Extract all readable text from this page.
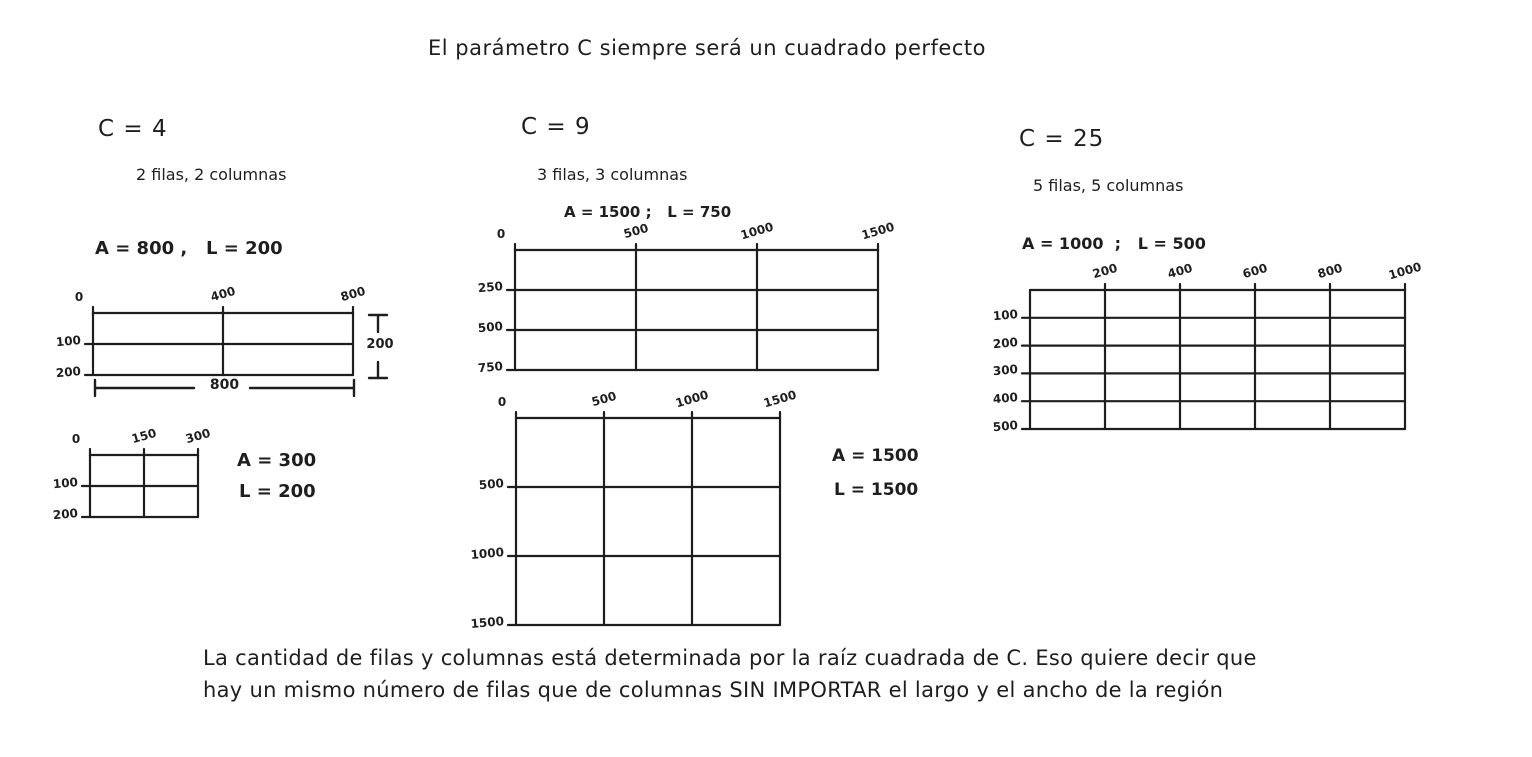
El parámetro C siempre será un cuadrado perfecto
C = 4
2 filas, 2 columnas
A = 800 ,   L = 200
0	400	800
100
200
200
800
0	150	300
100
200
A = 300
L = 200
C = 9
3 filas, 3 columnas
A = 1500 ;   L = 750
0	500	1000	1500
250
500
750
0	500	1000	1500
500
1000
1500
A = 1500
L = 1500
C = 25
5 filas, 5 columnas
A = 1000  ;   L = 500
200	400	600	800	1000
100
200
300
400
500
La cantidad de filas y columnas está determinada por la raíz cuadrada de C. Eso quiere decir que
hay un mismo número de filas que de columnas SIN IMPORTAR el largo y el ancho de la región
